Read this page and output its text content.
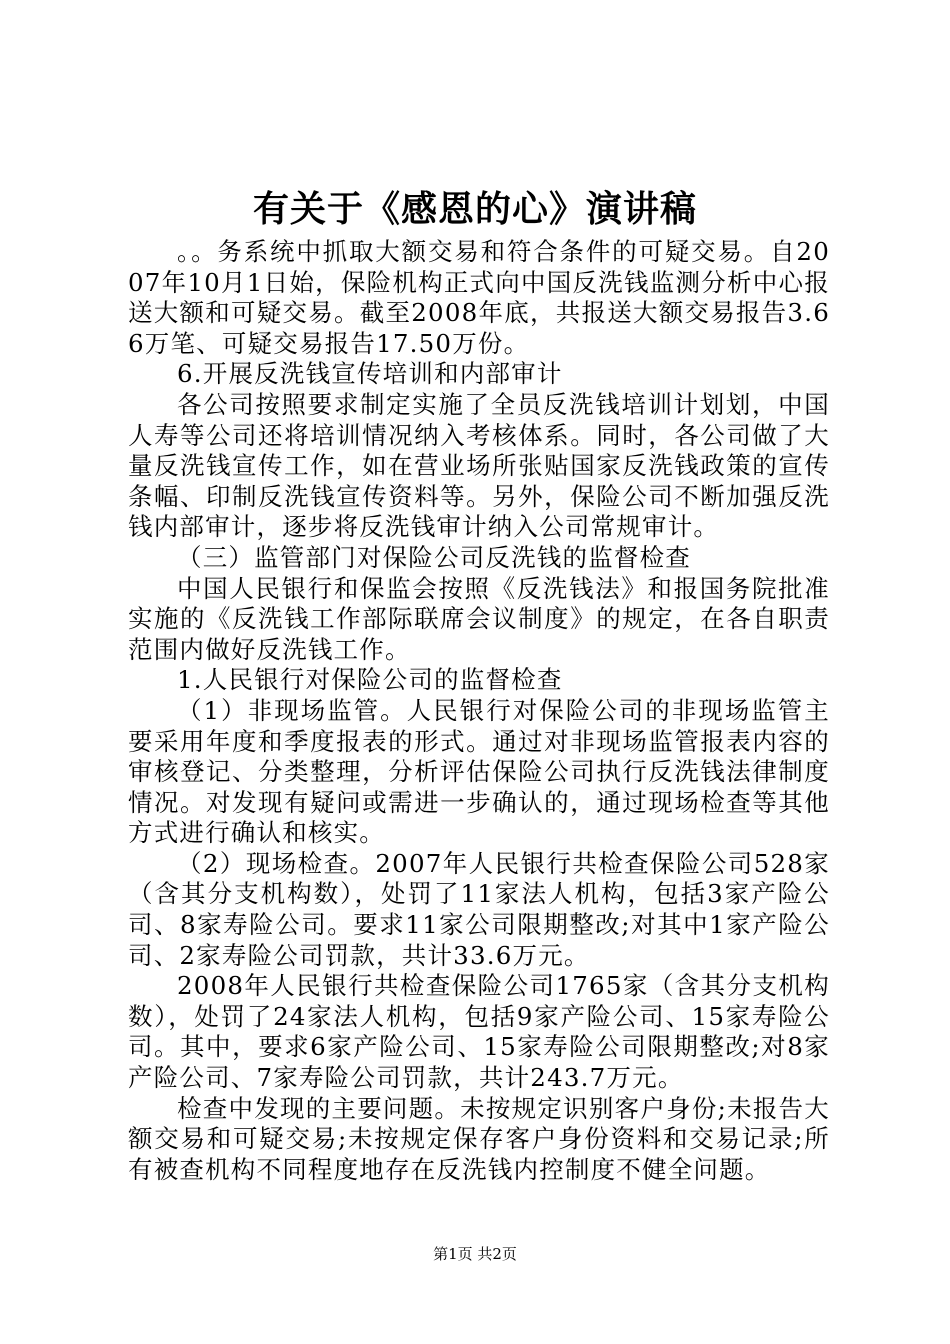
有关于《感恩的心》演讲稿

。。务系统中抓取大额交易和符合条件的可疑交易。自2007年10月1日始，保险机构正式向中国反洗钱监测分析中心报送大额和可疑交易。截至2008年底，共报送大额交易报告3.66万笔、可疑交易报告17.50万份。

6.开展反洗钱宣传培训和内部审计

各公司按照要求制定实施了全员反洗钱培训计划划，中国人寿等公司还将培训情况纳入考核体系。同时，各公司做了大量反洗钱宣传工作，如在营业场所张贴国家反洗钱政策的宣传条幅、印制反洗钱宣传资料等。另外，保险公司不断加强反洗钱内部审计，逐步将反洗钱审计纳入公司常规审计。

（三）监管部门对保险公司反洗钱的监督检查

中国人民银行和保监会按照《反洗钱法》和报国务院批准实施的《反洗钱工作部际联席会议制度》的规定，在各自职责范围内做好反洗钱工作。

1.人民银行对保险公司的监督检查

（1）非现场监管。人民银行对保险公司的非现场监管主要采用年度和季度报表的形式。通过对非现场监管报表内容的审核登记、分类整理，分析评估保险公司执行反洗钱法律制度情况。对发现有疑问或需进一步确认的，通过现场检查等其他方式进行确认和核实。

（2）现场检查。2007年人民银行共检查保险公司528家（含其分支机构数），处罚了11家法人机构，包括3家产险公司、8家寿险公司。要求11家公司限期整改;对其中1家产险公司、2家寿险公司罚款，共计33.6万元。

2008年人民银行共检查保险公司1765家（含其分支机构数），处罚了24家法人机构，包括9家产险公司、15家寿险公司。其中，要求6家产险公司、15家寿险公司限期整改;对8家产险公司、7家寿险公司罚款，共计243.7万元。

检查中发现的主要问题。未按规定识别客户身份;未报告大额交易和可疑交易;未按规定保存客户身份资料和交易记录;所有被查机构不同程度地存在反洗钱内控制度不健全问题。

第1页 共2页
